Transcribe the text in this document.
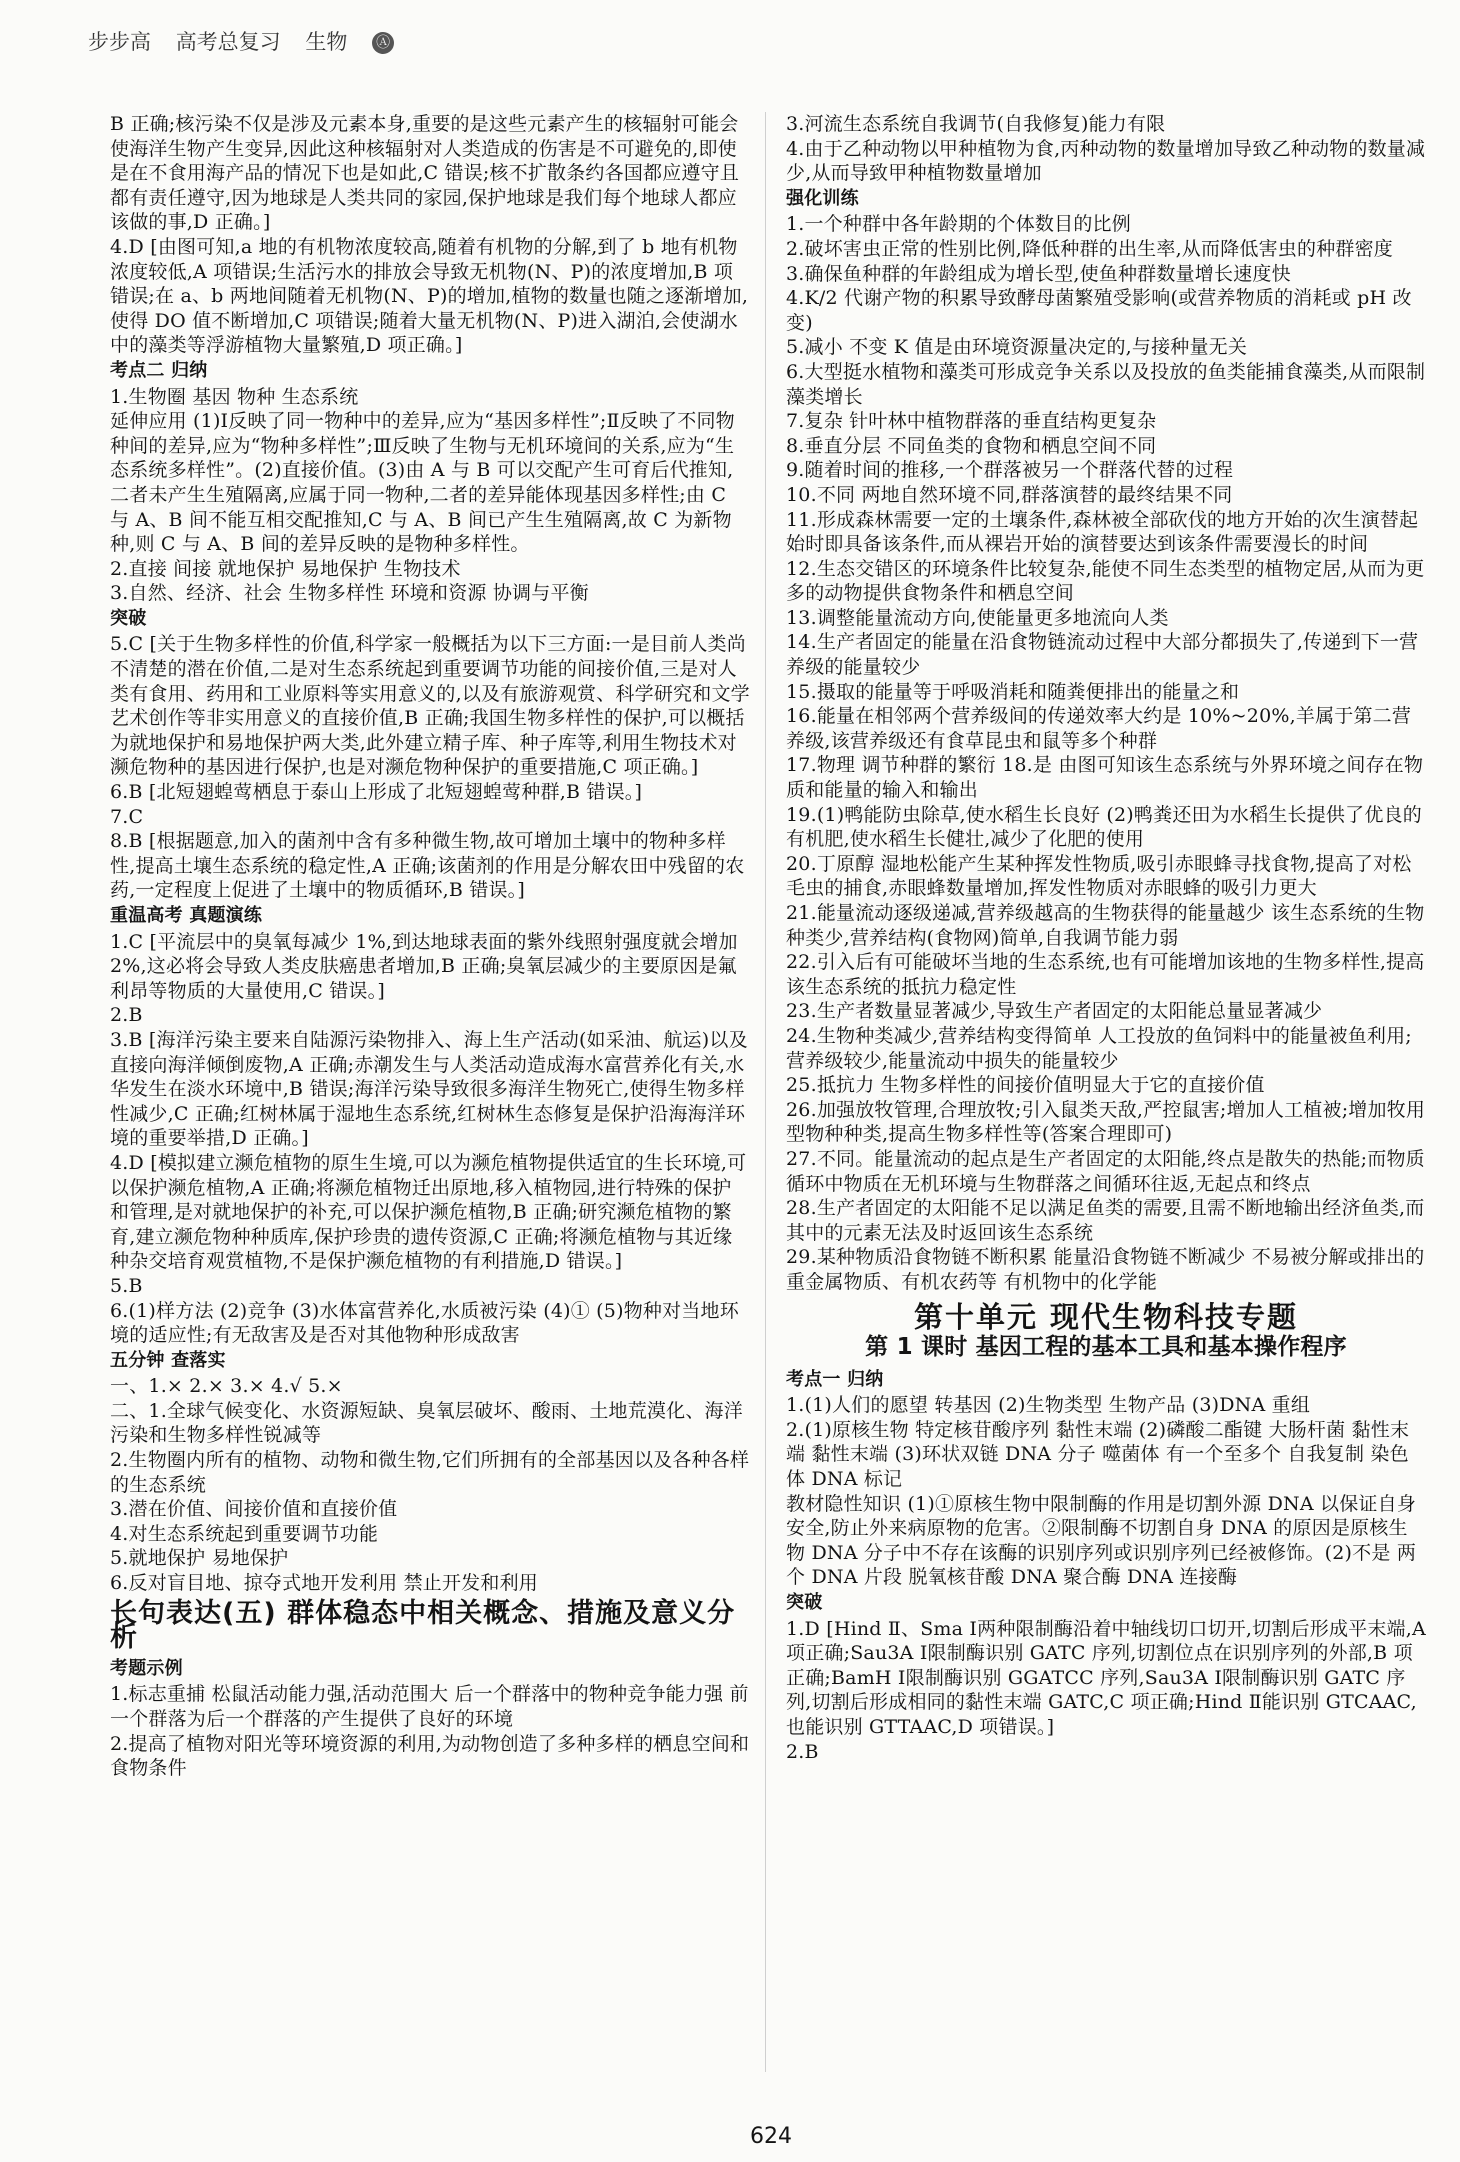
步步高 高考总复习 生物 Ⓐ
B 正确;核污染不仅是涉及元素本身,重要的是这些元素产生的核辐射可能会使海洋生物产生变异,因此这种核辐射对人类造成的伤害是不可避免的,即使是在不食用海产品的情况下也是如此,C 错误;核不扩散条约各国都应遵守且都有责任遵守,因为地球是人类共同的家园,保护地球是我们每个地球人都应该做的事,D 正确。]
4.D [由图可知,a 地的有机物浓度较高,随着有机物的分解,到了 b 地有机物浓度较低,A 项错误;生活污水的排放会导致无机物(N、P)的浓度增加,B 项错误;在 a、b 两地间随着无机物(N、P)的增加,植物的数量也随之逐渐增加,使得 DO 值不断增加,C 项错误;随着大量无机物(N、P)进入湖泊,会使湖水中的藻类等浮游植物大量繁殖,D 项正确。]
考点二 归纳
1.生物圈 基因 物种 生态系统
延伸应用 (1)Ⅰ反映了同一物种中的差异,应为“基因多样性”;Ⅱ反映了不同物种间的差异,应为“物种多样性”;Ⅲ反映了生物与无机环境间的关系,应为“生态系统多样性”。(2)直接价值。(3)由 A 与 B 可以交配产生可育后代推知,二者未产生生殖隔离,应属于同一物种,二者的差异能体现基因多样性;由 C 与 A、B 间不能互相交配推知,C 与 A、B 间已产生生殖隔离,故 C 为新物种,则 C 与 A、B 间的差异反映的是物种多样性。
2.直接 间接 就地保护 易地保护 生物技术
3.自然、经济、社会 生物多样性 环境和资源 协调与平衡
突破
5.C [关于生物多样性的价值,科学家一般概括为以下三方面:一是目前人类尚不清楚的潜在价值,二是对生态系统起到重要调节功能的间接价值,三是对人类有食用、药用和工业原料等实用意义的,以及有旅游观赏、科学研究和文学艺术创作等非实用意义的直接价值,B 正确;我国生物多样性的保护,可以概括为就地保护和易地保护两大类,此外建立精子库、种子库等,利用生物技术对濒危物种的基因进行保护,也是对濒危物种保护的重要措施,C 项正确。]
6.B [北短翅蝗莺栖息于泰山上形成了北短翅蝗莺种群,B 错误。]
7.C
8.B [根据题意,加入的菌剂中含有多种微生物,故可增加土壤中的物种多样性,提高土壤生态系统的稳定性,A 正确;该菌剂的作用是分解农田中残留的农药,一定程度上促进了土壤中的物质循环,B 错误。]
重温高考 真题演练
1.C [平流层中的臭氧每减少 1%,到达地球表面的紫外线照射强度就会增加 2%,这必将会导致人类皮肤癌患者增加,B 正确;臭氧层减少的主要原因是氟利昂等物质的大量使用,C 错误。]
2.B
3.B [海洋污染主要来自陆源污染物排入、海上生产活动(如采油、航运)以及直接向海洋倾倒废物,A 正确;赤潮发生与人类活动造成海水富营养化有关,水华发生在淡水环境中,B 错误;海洋污染导致很多海洋生物死亡,使得生物多样性减少,C 正确;红树林属于湿地生态系统,红树林生态修复是保护沿海海洋环境的重要举措,D 正确。]
4.D [模拟建立濒危植物的原生生境,可以为濒危植物提供适宜的生长环境,可以保护濒危植物,A 正确;将濒危植物迁出原地,移入植物园,进行特殊的保护和管理,是对就地保护的补充,可以保护濒危植物,B 正确;研究濒危植物的繁育,建立濒危物种种质库,保护珍贵的遗传资源,C 正确;将濒危植物与其近缘种杂交培育观赏植物,不是保护濒危植物的有利措施,D 错误。]
5.B
6.(1)样方法 (2)竞争 (3)水体富营养化,水质被污染 (4)① (5)物种对当地环境的适应性;有无敌害及是否对其他物种形成敌害
五分钟 查落实
一、1.× 2.× 3.× 4.√ 5.×
二、1.全球气候变化、水资源短缺、臭氧层破坏、酸雨、土地荒漠化、海洋污染和生物多样性锐减等
2.生物圈内所有的植物、动物和微生物,它们所拥有的全部基因以及各种各样的生态系统
3.潜在价值、间接价值和直接价值
4.对生态系统起到重要调节功能
5.就地保护 易地保护
6.反对盲目地、掠夺式地开发利用 禁止开发和利用
长句表达(五) 群体稳态中相关概念、措施及意义分析
考题示例
1.标志重捕 松鼠活动能力强,活动范围大 后一个群落中的物种竞争能力强 前一个群落为后一个群落的产生提供了良好的环境
2.提高了植物对阳光等环境资源的利用,为动物创造了多种多样的栖息空间和食物条件
3.河流生态系统自我调节(自我修复)能力有限
4.由于乙种动物以甲种植物为食,丙种动物的数量增加导致乙种动物的数量减少,从而导致甲种植物数量增加
强化训练
1.一个种群中各年龄期的个体数目的比例
2.破坏害虫正常的性别比例,降低种群的出生率,从而降低害虫的种群密度
3.确保鱼种群的年龄组成为增长型,使鱼种群数量增长速度快
4.K/2 代谢产物的积累导致酵母菌繁殖受影响(或营养物质的消耗或 pH 改变)
5.减小 不变 K 值是由环境资源量决定的,与接种量无关
6.大型挺水植物和藻类可形成竞争关系以及投放的鱼类能捕食藻类,从而限制藻类增长
7.复杂 针叶林中植物群落的垂直结构更复杂
8.垂直分层 不同鱼类的食物和栖息空间不同
9.随着时间的推移,一个群落被另一个群落代替的过程
10.不同 两地自然环境不同,群落演替的最终结果不同
11.形成森林需要一定的土壤条件,森林被全部砍伐的地方开始的次生演替起始时即具备该条件,而从裸岩开始的演替要达到该条件需要漫长的时间
12.生态交错区的环境条件比较复杂,能使不同生态类型的植物定居,从而为更多的动物提供食物条件和栖息空间
13.调整能量流动方向,使能量更多地流向人类
14.生产者固定的能量在沿食物链流动过程中大部分都损失了,传递到下一营养级的能量较少
15.摄取的能量等于呼吸消耗和随粪便排出的能量之和
16.能量在相邻两个营养级间的传递效率大约是 10%~20%,羊属于第二营养级,该营养级还有食草昆虫和鼠等多个种群
17.物理 调节种群的繁衍 18.是 由图可知该生态系统与外界环境之间存在物质和能量的输入和输出
19.(1)鸭能防虫除草,使水稻生长良好 (2)鸭粪还田为水稻生长提供了优良的有机肥,使水稻生长健壮,减少了化肥的使用
20.丁原醇 湿地松能产生某种挥发性物质,吸引赤眼蜂寻找食物,提高了对松毛虫的捕食,赤眼蜂数量增加,挥发性物质对赤眼蜂的吸引力更大
21.能量流动逐级递减,营养级越高的生物获得的能量越少 该生态系统的生物种类少,营养结构(食物网)简单,自我调节能力弱
22.引入后有可能破坏当地的生态系统,也有可能增加该地的生物多样性,提高该生态系统的抵抗力稳定性
23.生产者数量显著减少,导致生产者固定的太阳能总量显著减少
24.生物种类减少,营养结构变得简单 人工投放的鱼饲料中的能量被鱼利用;营养级较少,能量流动中损失的能量较少
25.抵抗力 生物多样性的间接价值明显大于它的直接价值
26.加强放牧管理,合理放牧;引入鼠类天敌,严控鼠害;增加人工植被;增加牧用型物种种类,提高生物多样性等(答案合理即可)
27.不同。能量流动的起点是生产者固定的太阳能,终点是散失的热能;而物质循环中物质在无机环境与生物群落之间循环往返,无起点和终点
28.生产者固定的太阳能不足以满足鱼类的需要,且需不断地输出经济鱼类,而其中的元素无法及时返回该生态系统
29.某种物质沿食物链不断积累 能量沿食物链不断减少 不易被分解或排出的重金属物质、有机农药等 有机物中的化学能
第十单元 现代生物科技专题
第 1 课时 基因工程的基本工具和基本操作程序
考点一 归纳
1.(1)人们的愿望 转基因 (2)生物类型 生物产品 (3)DNA 重组
2.(1)原核生物 特定核苷酸序列 黏性末端 (2)磷酸二酯键 大肠杆菌 黏性末端 黏性末端 (3)环状双链 DNA 分子 噬菌体 有一个至多个 自我复制 染色体 DNA 标记
教材隐性知识 (1)①原核生物中限制酶的作用是切割外源 DNA 以保证自身安全,防止外来病原物的危害。②限制酶不切割自身 DNA 的原因是原核生物 DNA 分子中不存在该酶的识别序列或识别序列已经被修饰。(2)不是 两个 DNA 片段 脱氧核苷酸 DNA 聚合酶 DNA 连接酶
突破
1.D [Hind Ⅱ、Sma Ⅰ两种限制酶沿着中轴线切口切开,切割后形成平末端,A 项正确;Sau3A Ⅰ限制酶识别 GATC 序列,切割位点在识别序列的外部,B 项正确;BamH Ⅰ限制酶识别 GGATCC 序列,Sau3A Ⅰ限制酶识别 GATC 序列,切割后形成相同的黏性末端 GATC,C 项正确;Hind Ⅱ能识别 GTCAAC,也能识别 GTTAAC,D 项错误。]
2.B
624
